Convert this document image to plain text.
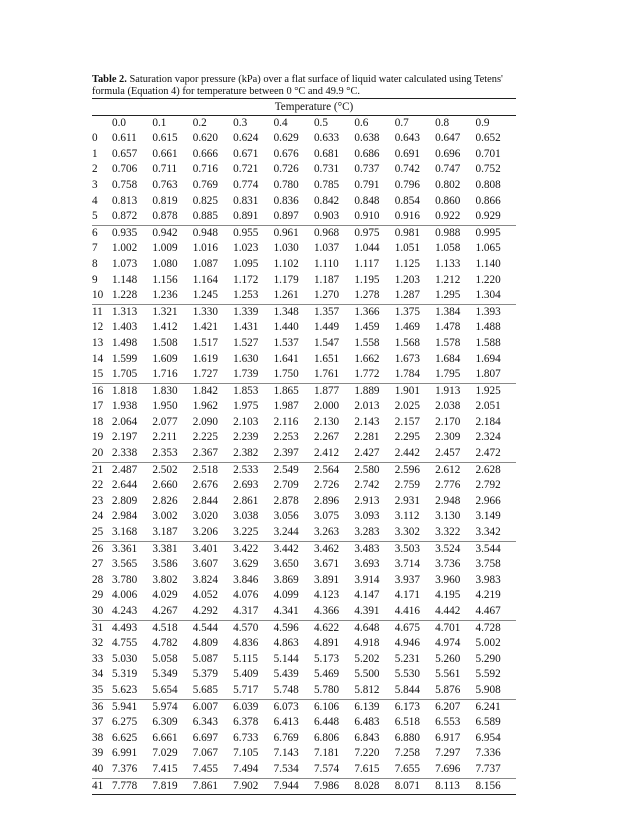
Table 2. Saturation vapor pressure (kPa) over a flat surface of liquid water calculated using Tetens' formula (Equation 4) for temperature between 0 °C and 49.9 °C.

	Temperature (°C)									
	0.0	0.1	0.2	0.3	0.4	0.5	0.6	0.7	0.8	0.9
0	0.611	0.615	0.620	0.624	0.629	0.633	0.638	0.643	0.647	0.652
1	0.657	0.661	0.666	0.671	0.676	0.681	0.686	0.691	0.696	0.701
2	0.706	0.711	0.716	0.721	0.726	0.731	0.737	0.742	0.747	0.752
3	0.758	0.763	0.769	0.774	0.780	0.785	0.791	0.796	0.802	0.808
4	0.813	0.819	0.825	0.831	0.836	0.842	0.848	0.854	0.860	0.866
5	0.872	0.878	0.885	0.891	0.897	0.903	0.910	0.916	0.922	0.929
6	0.935	0.942	0.948	0.955	0.961	0.968	0.975	0.981	0.988	0.995
7	1.002	1.009	1.016	1.023	1.030	1.037	1.044	1.051	1.058	1.065
8	1.073	1.080	1.087	1.095	1.102	1.110	1.117	1.125	1.133	1.140
9	1.148	1.156	1.164	1.172	1.179	1.187	1.195	1.203	1.212	1.220
10	1.228	1.236	1.245	1.253	1.261	1.270	1.278	1.287	1.295	1.304
11	1.313	1.321	1.330	1.339	1.348	1.357	1.366	1.375	1.384	1.393
12	1.403	1.412	1.421	1.431	1.440	1.449	1.459	1.469	1.478	1.488
13	1.498	1.508	1.517	1.527	1.537	1.547	1.558	1.568	1.578	1.588
14	1.599	1.609	1.619	1.630	1.641	1.651	1.662	1.673	1.684	1.694
15	1.705	1.716	1.727	1.739	1.750	1.761	1.772	1.784	1.795	1.807
16	1.818	1.830	1.842	1.853	1.865	1.877	1.889	1.901	1.913	1.925
17	1.938	1.950	1.962	1.975	1.987	2.000	2.013	2.025	2.038	2.051
18	2.064	2.077	2.090	2.103	2.116	2.130	2.143	2.157	2.170	2.184
19	2.197	2.211	2.225	2.239	2.253	2.267	2.281	2.295	2.309	2.324
20	2.338	2.353	2.367	2.382	2.397	2.412	2.427	2.442	2.457	2.472
21	2.487	2.502	2.518	2.533	2.549	2.564	2.580	2.596	2.612	2.628
22	2.644	2.660	2.676	2.693	2.709	2.726	2.742	2.759	2.776	2.792
23	2.809	2.826	2.844	2.861	2.878	2.896	2.913	2.931	2.948	2.966
24	2.984	3.002	3.020	3.038	3.056	3.075	3.093	3.112	3.130	3.149
25	3.168	3.187	3.206	3.225	3.244	3.263	3.283	3.302	3.322	3.342
26	3.361	3.381	3.401	3.422	3.442	3.462	3.483	3.503	3.524	3.544
27	3.565	3.586	3.607	3.629	3.650	3.671	3.693	3.714	3.736	3.758
28	3.780	3.802	3.824	3.846	3.869	3.891	3.914	3.937	3.960	3.983
29	4.006	4.029	4.052	4.076	4.099	4.123	4.147	4.171	4.195	4.219
30	4.243	4.267	4.292	4.317	4.341	4.366	4.391	4.416	4.442	4.467
31	4.493	4.518	4.544	4.570	4.596	4.622	4.648	4.675	4.701	4.728
32	4.755	4.782	4.809	4.836	4.863	4.891	4.918	4.946	4.974	5.002
33	5.030	5.058	5.087	5.115	5.144	5.173	5.202	5.231	5.260	5.290
34	5.319	5.349	5.379	5.409	5.439	5.469	5.500	5.530	5.561	5.592
35	5.623	5.654	5.685	5.717	5.748	5.780	5.812	5.844	5.876	5.908
36	5.941	5.974	6.007	6.039	6.073	6.106	6.139	6.173	6.207	6.241
37	6.275	6.309	6.343	6.378	6.413	6.448	6.483	6.518	6.553	6.589
38	6.625	6.661	6.697	6.733	6.769	6.806	6.843	6.880	6.917	6.954
39	6.991	7.029	7.067	7.105	7.143	7.181	7.220	7.258	7.297	7.336
40	7.376	7.415	7.455	7.494	7.534	7.574	7.615	7.655	7.696	7.737
41	7.778	7.819	7.861	7.902	7.944	7.986	8.028	8.071	8.113	8.156
